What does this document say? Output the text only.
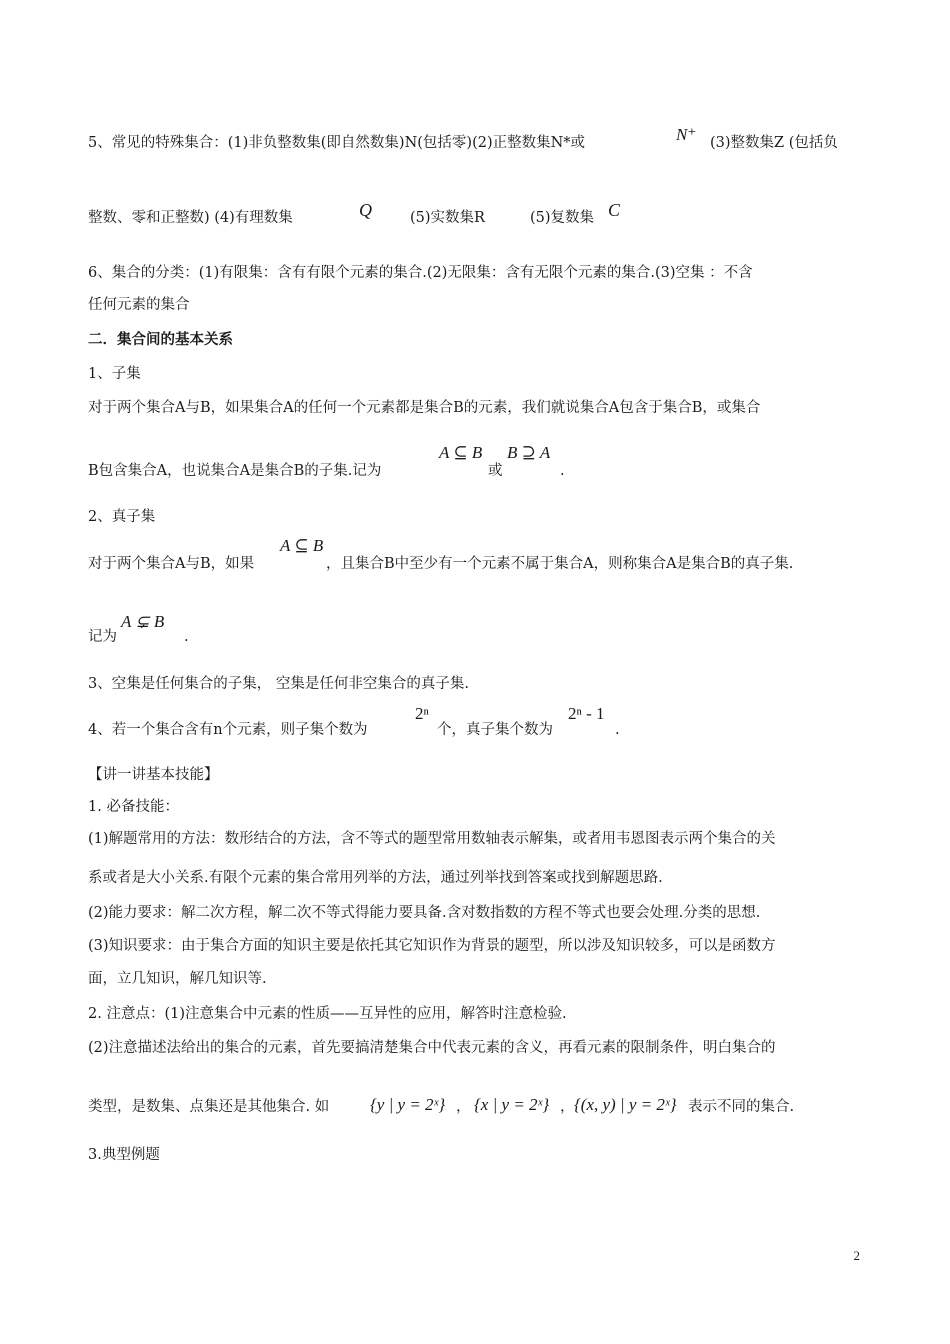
5、常见的特殊集合：(1)非负整数集(即自然数集)N(包括零)(2)正整数集N*或	N⁺ (3)整数集Z (包括负
整数、零和正整数) (4)有理数集	Q	(5)实数集R	(5)复数集 C
6、集合的分类：(1)有限集：含有有限个元素的集合.(2)无限集：含有无限个元素的集合.(3)空集 ：不含
任何元素的集合
二．集合间的基本关系
1、子集
对于两个集合A与B，如果集合A的任何一个元素都是集合B的元素，我们就说集合A包含于集合B，或集合
B包含集合A，也说集合A是集合B的子集.记为
A ⊆ B
或
B ⊇ A
.
2、真子集
对于两个集合A与B，如果
A ⊆ B
，且集合B中至少有一个元素不属于集合A，则称集合A是集合B的真子集.
记为
A ⊊ B
.
3、空集是任何集合的子集， 空集是任何非空集合的真子集.
4、若一个集合含有n个元素，则子集个数为
2ⁿ
个，真子集个数为
2ⁿ - 1
.
【讲一讲基本技能】
1. 必备技能：
(1)解题常用的方法：数形结合的方法，含不等式的题型常用数轴表示解集，或者用韦恩图表示两个集合的关
系或者是大小关系.有限个元素的集合常用列举的方法，通过列举找到答案或找到解题思路.
(2)能力要求：解二次方程，解二次不等式得能力要具备.含对数指数的方程不等式也要会处理.分类的思想.
(3)知识要求：由于集合方面的知识主要是依托其它知识作为背景的题型，所以涉及知识较多，可以是函数方
面，立几知识，解几知识等.
2. 注意点：(1)注意集合中元素的性质——互异性的应用，解答时注意检验.
(2)注意描述法给出的集合的元素，首先要搞清楚集合中代表元素的含义，再看元素的限制条件，明白集合的
类型，是数集、点集还是其他集合. 如 {y | y = 2ˣ} ， {x | y = 2ˣ} ， {(x, y) | y = 2ˣ} 表示不同的集合.
3.典型例题
2
